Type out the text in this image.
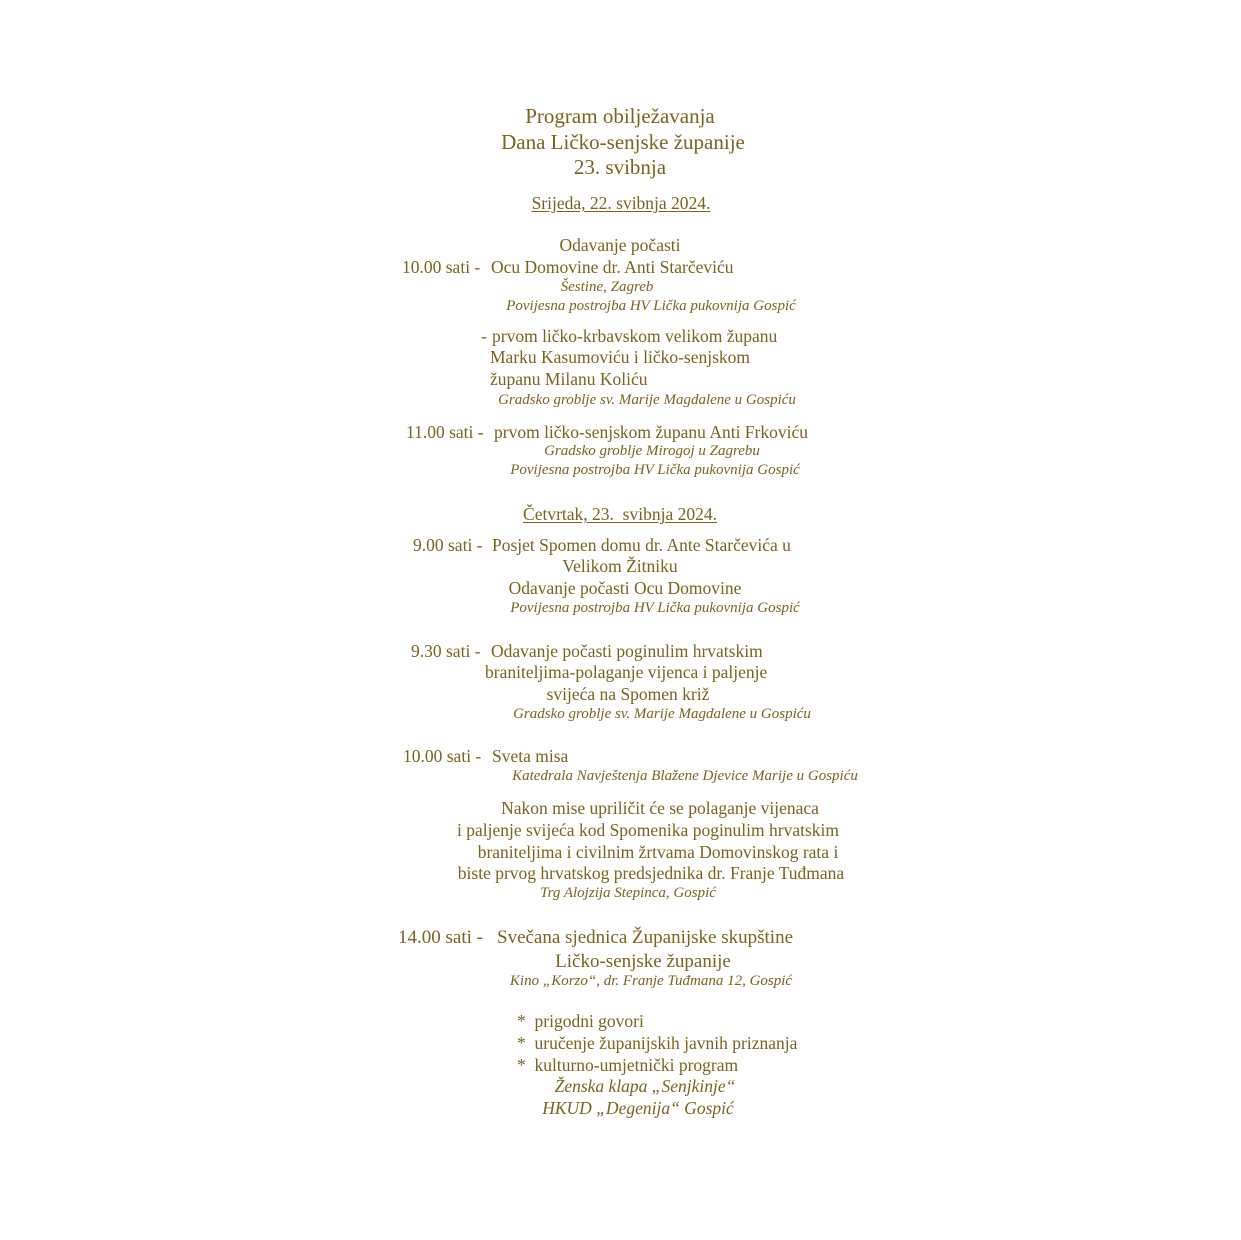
Program obilježavanja
Dana Ličko-senjske županije
23. svibnja
Srijeda, 22. svibnja 2024.
Odavanje počasti
10.00 sati - Ocu Domovine dr. Anti Starčeviću
Šestine, Zagreb
Povijesna postrojba HV Lička pukovnija Gospić
- prvom ličko-krbavskom velikom županu
Marku Kasumoviću i ličko-senjskom
županu Milanu Koliću
Gradsko groblje sv. Marije Magdalene u Gospiću
11.00 sati - prvom ličko-senjskom županu Anti Frkoviću
Gradsko groblje Mirogoj u Zagrebu
Povijesna postrojba HV Lička pukovnija Gospić
Četvrtak, 23.  svibnja 2024.
9.00 sati - Posjet Spomen domu dr. Ante Starčevića u
Velikom Žitniku
Odavanje počasti Ocu Domovine
Povijesna postrojba HV Lička pukovnija Gospić
9.30 sati - Odavanje počasti poginulim hrvatskim
braniteljima-polaganje vijenca i paljenje
svijeća na Spomen križ
Gradsko groblje sv. Marije Magdalene u Gospiću
10.00 sati - Sveta misa
Katedrala Navještenja Blažene Djevice Marije u Gospiću
Nakon mise upriličit će se polaganje vijenaca
i paljenje svijeća kod Spomenika poginulim hrvatskim
braniteljima i civilnim žrtvama Domovinskog rata i
biste prvog hrvatskog predsjednika dr. Franje Tuđmana
Trg Alojzija Stepinca, Gospić
14.00 sati - Svečana sjednica Županijske skupštine
Ličko-senjske županije
Kino „Korzo“, dr. Franje Tuđmana 12, Gospić
*  prigodni govori
*  uručenje županijskih javnih priznanja
*  kulturno-umjetnički program
Ženska klapa „Senjkinje“
HKUD „Degenija“ Gospić
